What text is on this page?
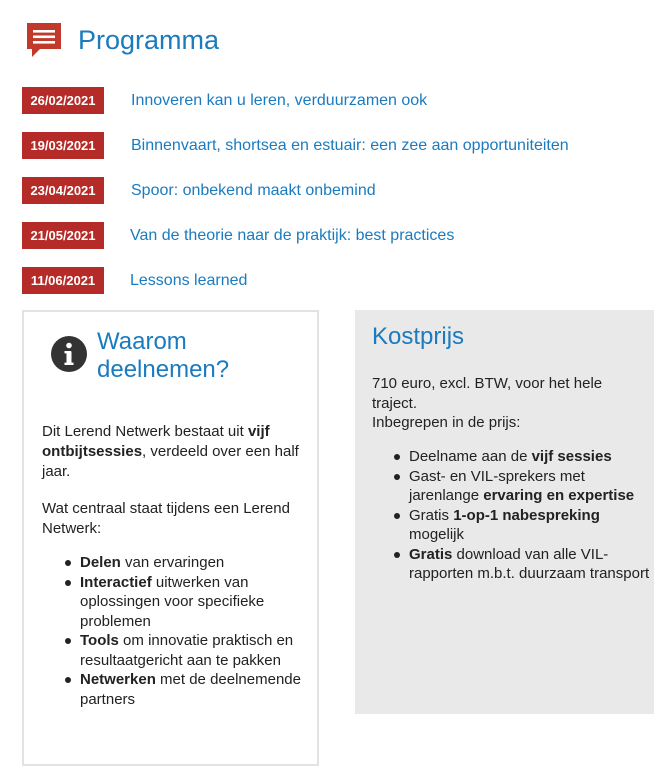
Programma
26/02/2021	Innoveren kan u leren, verduurzamen ook
19/03/2021	Binnenvaart, shortsea en estuair: een zee aan opportuniteiten
23/04/2021	Spoor: onbekend maakt onbemind
21/05/2021	Van de theorie naar de praktijk: best practices
11/06/2021	Lessons learned
Waarom
deelnemen?

Dit Lerend Netwerk bestaat uit vijf ontbijtsessies, verdeeld over een half jaar.

Wat centraal staat tijdens een Lerend Netwerk:

Delen van ervaringen
Interactief uitwerken van oplossingen voor specifieke problemen
Tools om innovatie praktisch en resultaatgericht aan te pakken
Netwerken met de deelnemende partners
Kostprijs

710 euro, excl. BTW, voor het hele traject.
Inbegrepen in de prijs:

Deelname aan de vijf sessies
Gast- en VIL-sprekers met jarenlange ervaring en expertise
Gratis 1-op-1 nabespreking mogelijk
Gratis download van alle VIL-rapporten m.b.t. duurzaam transport
